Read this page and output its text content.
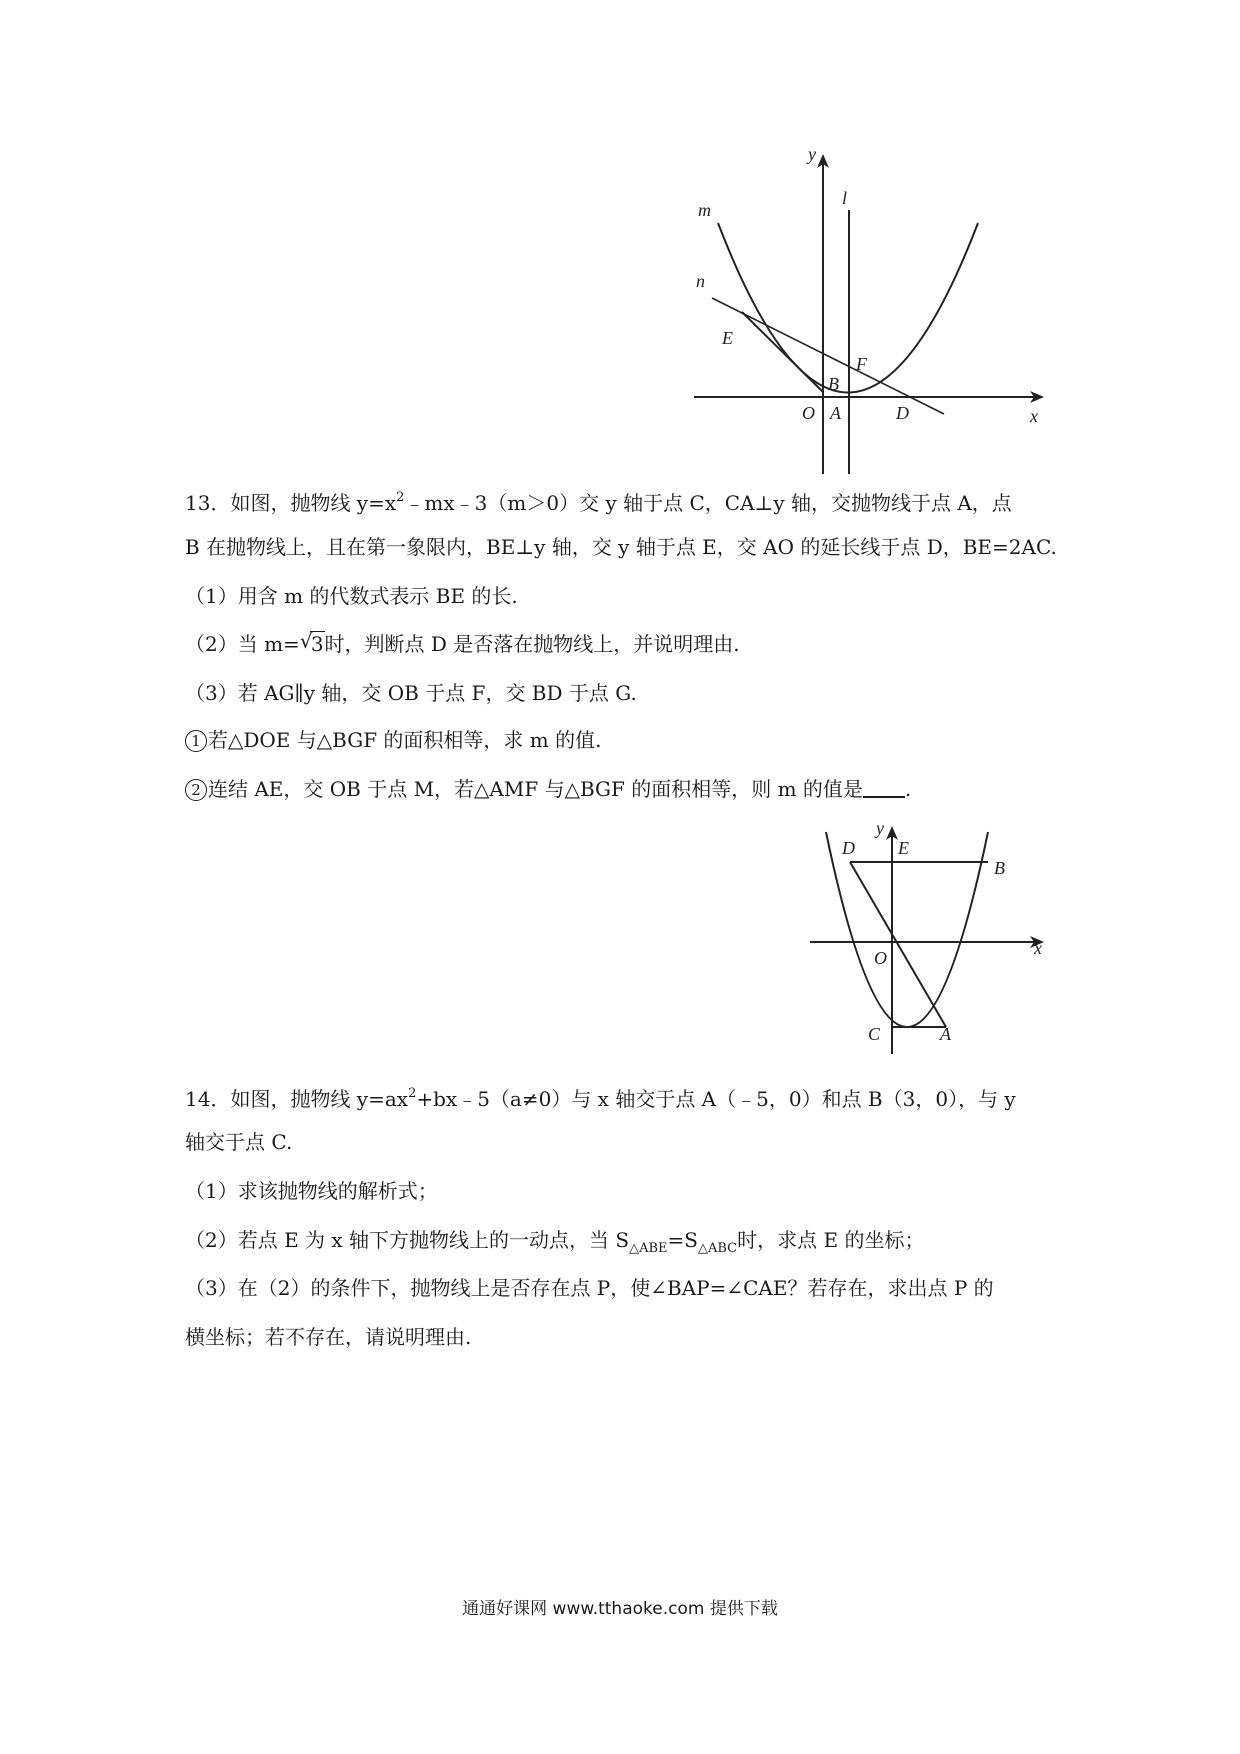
y
x
l
m
n
E
F
B
O A	D
13．如图，抛物线 $y=x^2﹣mx﹣3(m>0)$交 y 轴于点 C，CA⊥y 轴，交抛物线于点 A，点
B 在抛物线上，且在第一象限内，BE⊥y 轴，交 y 轴于点 E，交 AO 的延长线于点 D，BE=2AC.
（1）用含 m 的代数式表示 BE 的长.
（2）当 m= √
3时，判断点 D 是否落在抛物线上，并说明理由.
（3）若 AG∥y 轴，交 OB 于点 F，交 BD 于点 G.
1 若△DOE 与△BGF 的面积相等，求 m 的值.
2 连结 AE，交 OB 于点 M，若△AMF 与△BGF 的面积相等，则 m 的值是 .
y
x
D E
B
O
C	A
14．如图，抛物线 $y=ax^2+bx﹣5(a\ne 0)$与 x 轴交于点 A（﹣5，0）和点 B（3，0），与 y
轴交于点 C.
（1）求该抛物线的解析式；
（2）若点 E 为 x 轴下方抛物线上的一动点，当 $S_{\triangle ABE}=S_{\triangle ABC}$时，求点 E 的坐标；
（3）在（2）的条件下，抛物线上是否存在点 P，使∠BAP=∠CAE？若存在，求出点 P 的
横坐标；若不存在，请说明理由.
通通好课网 www.tthaoke.com 提供下载
